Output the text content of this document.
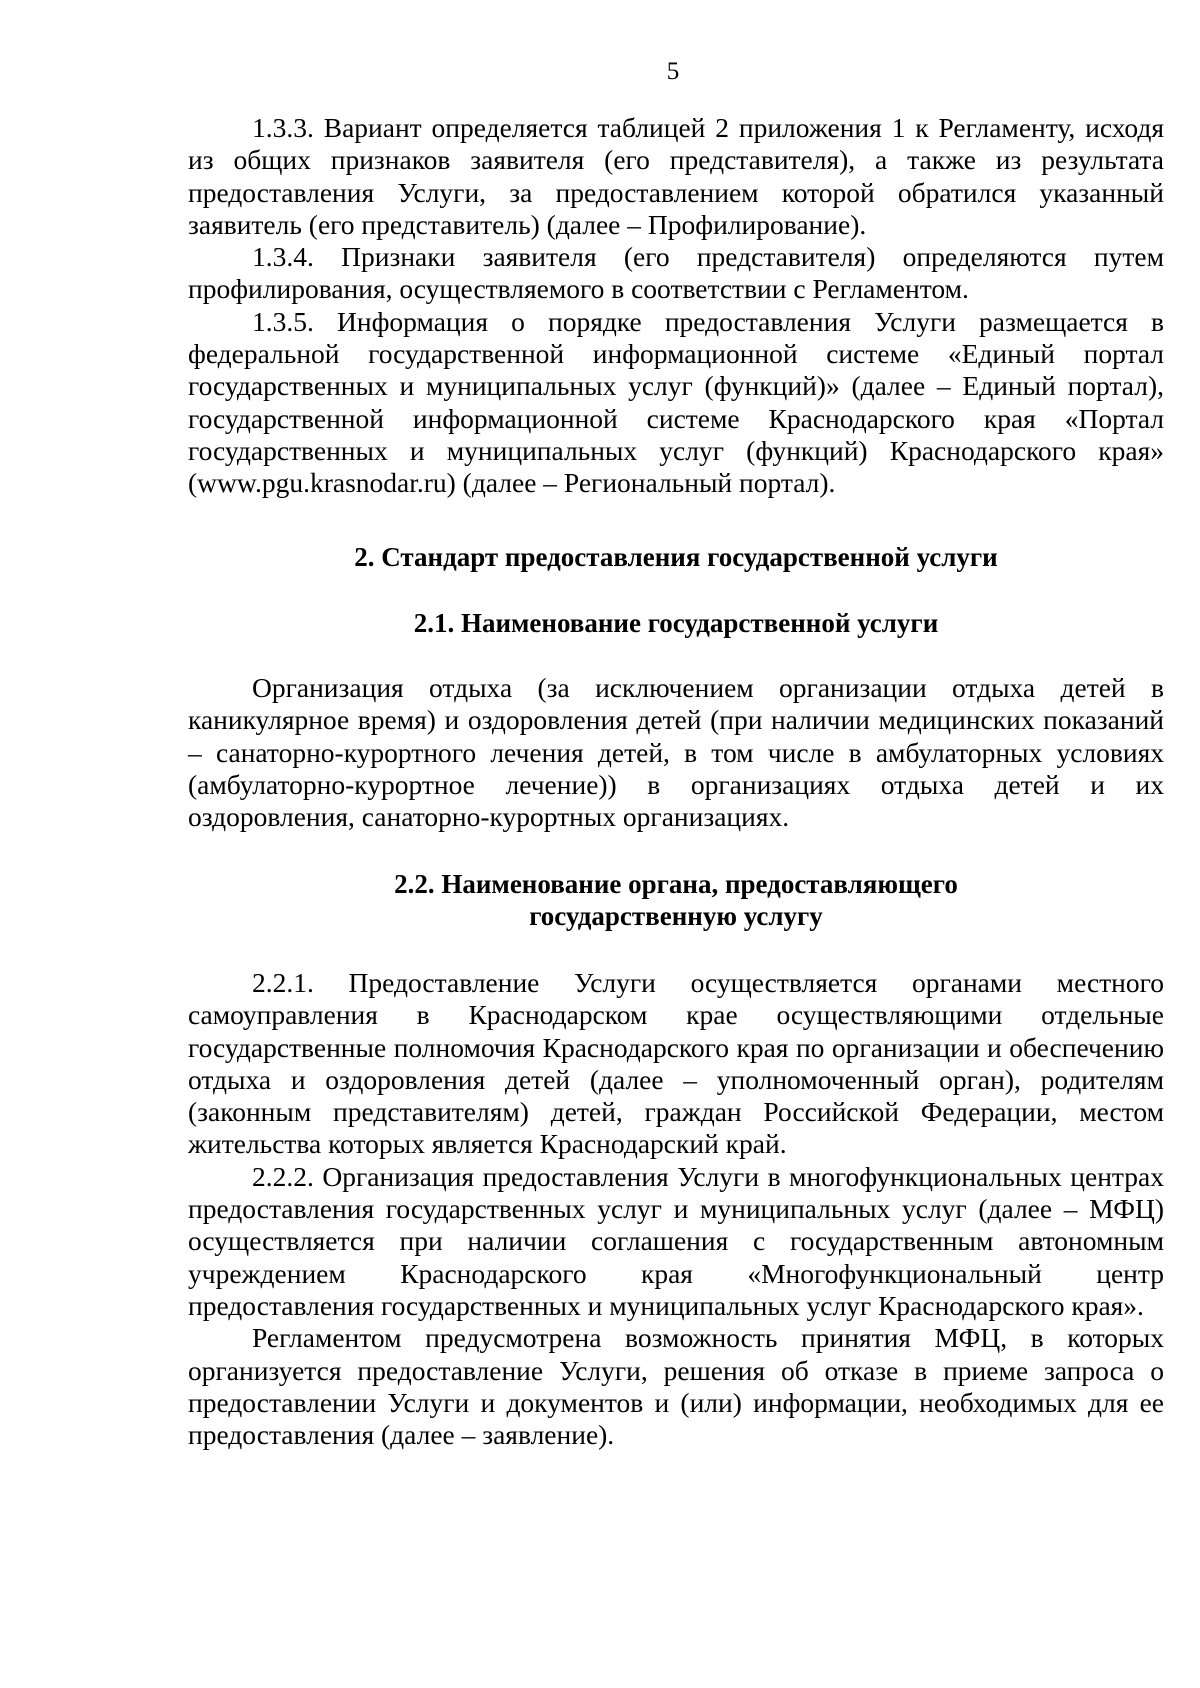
5

1.3.3. Вариант определяется таблицей 2 приложения 1 к Регламенту, исходя из общих признаков заявителя (его представителя), а также из результата предоставления Услуги, за предоставлением которой обратился указанный заявитель (его представитель) (далее – Профилирование).

1.3.4. Признаки заявителя (его представителя) определяются путем профилирования, осуществляемого в соответствии с Регламентом.

1.3.5. Информация о порядке предоставления Услуги размещается в федеральной государственной информационной системе «Единый портал государственных и муниципальных услуг (функций)» (далее – Единый портал), государственной информационной системе Краснодарского края «Портал государственных и муниципальных услуг (функций) Краснодарского края» (www.pgu.krasnodar.ru) (далее – Региональный портал).

2. Стандарт предоставления государственной услуги
2.1. Наименование государственной услуги

Организация отдыха (за исключением организации отдыха детей в каникулярное время) и оздоровления детей (при наличии медицинских показаний – санаторно-курортного лечения детей, в том числе в амбулаторных условиях (амбулаторно-курортное лечение)) в организациях отдыха детей и их оздоровления, санаторно-курортных организациях.

2.2. Наименование органа, предоставляющего
государственную услугу

2.2.1. Предоставление Услуги осуществляется органами местного самоуправления в Краснодарском крае осуществляющими отдельные государственные полномочия Краснодарского края по организации и обеспечению отдыха и оздоровления детей (далее – уполномоченный орган), родителям (законным представителям) детей, граждан Российской Федерации, местом жительства которых является Краснодарский край.

2.2.2. Организация предоставления Услуги в многофункциональных центрах предоставления государственных услуг и муниципальных услуг (далее – МФЦ) осуществляется при наличии соглашения с государственным автономным учреждением Краснодарского края «Многофункциональный центр предоставления государственных и муниципальных услуг Краснодарского края».

Регламентом предусмотрена возможность принятия МФЦ, в которых организуется предоставление Услуги, решения об отказе в приеме запроса о предоставлении Услуги и документов и (или) информации, необходимых для ее предоставления (далее – заявление).
